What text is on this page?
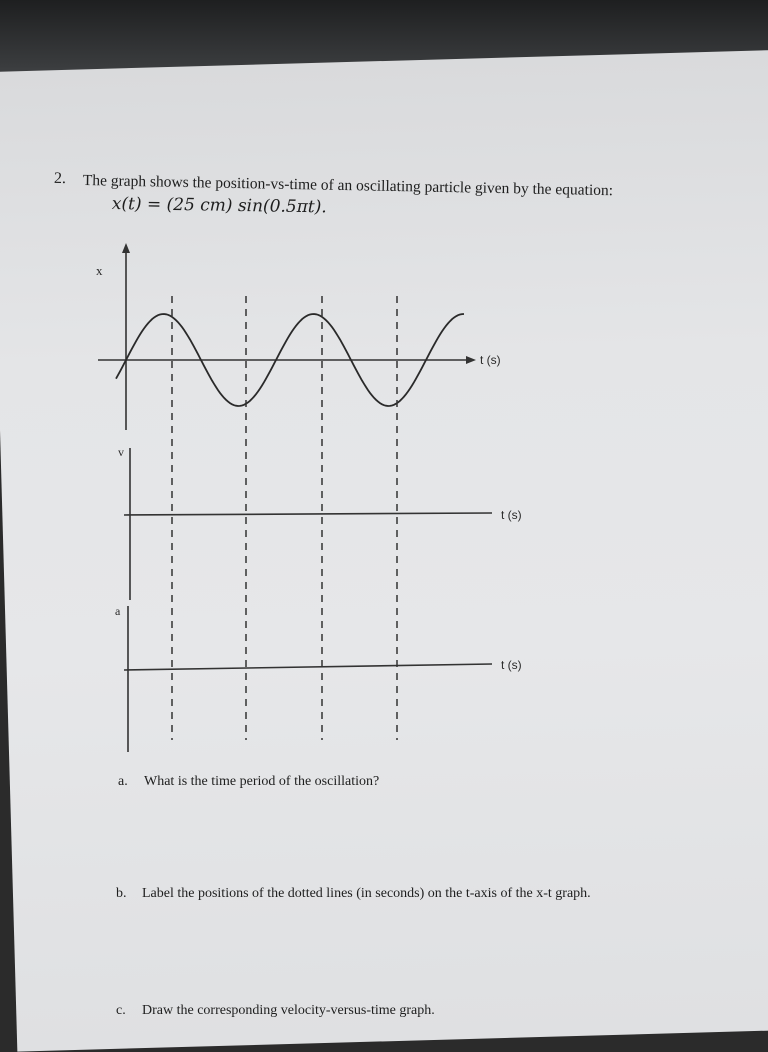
2. The graph shows the position-vs-time of an oscillating particle given by the equation:
x(t) = (25 cm) sin(0.5πt).
x
v
a
t (s)
t (s)
t (s)
a. What is the time period of the oscillation?
b. Label the positions of the dotted lines (in seconds) on the t-axis of the x-t graph.
c. Draw the corresponding velocity-versus-time graph.
